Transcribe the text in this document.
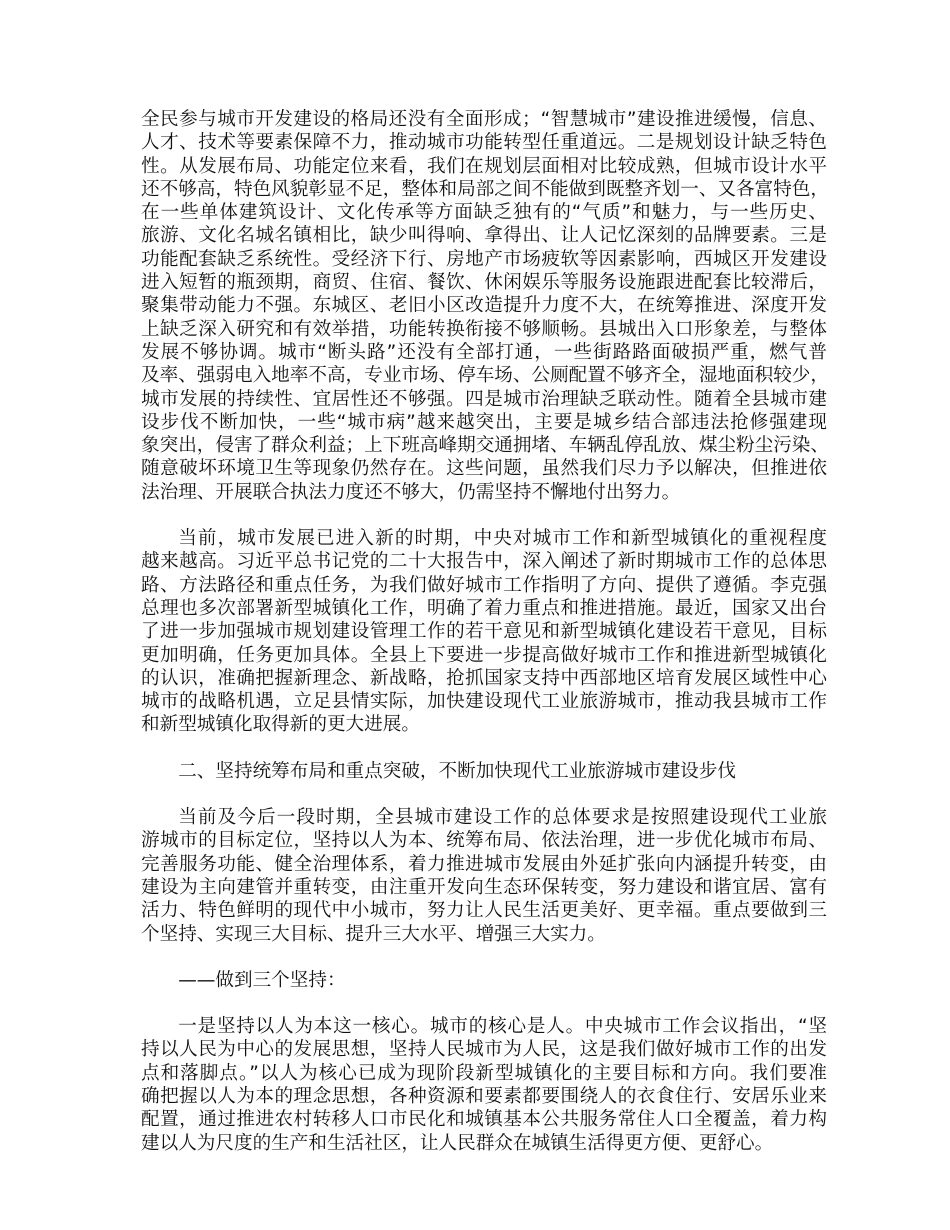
全民参与城市开发建设的格局还没有全面形成；“智慧城市”建设推进缓慢，信息、
人才、技术等要素保障不力，推动城市功能转型任重道远。二是规划设计缺乏特色
性。从发展布局、功能定位来看，我们在规划层面相对比较成熟，但城市设计水平
还不够高，特色风貌彰显不足，整体和局部之间不能做到既整齐划一、又各富特色，
在一些单体建筑设计、文化传承等方面缺乏独有的“气质”和魅力，与一些历史、
旅游、文化名城名镇相比，缺少叫得响、拿得出、让人记忆深刻的品牌要素。三是
功能配套缺乏系统性。受经济下行、房地产市场疲软等因素影响，西城区开发建设
进入短暂的瓶颈期，商贸、住宿、餐饮、休闲娱乐等服务设施跟进配套比较滞后，
聚集带动能力不强。东城区、老旧小区改造提升力度不大，在统筹推进、深度开发
上缺乏深入研究和有效举措，功能转换衔接不够顺畅。县城出入口形象差，与整体
发展不够协调。城市“断头路”还没有全部打通，一些街路路面破损严重，燃气普
及率、强弱电入地率不高，专业市场、停车场、公厕配置不够齐全，湿地面积较少，
城市发展的持续性、宜居性还不够强。四是城市治理缺乏联动性。随着全县城市建
设步伐不断加快，一些“城市病”越来越突出，主要是城乡结合部违法抢修强建现
象突出，侵害了群众利益；上下班高峰期交通拥堵、车辆乱停乱放、煤尘粉尘污染、
随意破坏环境卫生等现象仍然存在。这些问题，虽然我们尽力予以解决，但推进依
法治理、开展联合执法力度还不够大，仍需坚持不懈地付出努力。

当前，城市发展已进入新的时期，中央对城市工作和新型城镇化的重视程度
越来越高。习近平总书记党的二十大报告中，深入阐述了新时期城市工作的总体思
路、方法路径和重点任务，为我们做好城市工作指明了方向、提供了遵循。李克强
总理也多次部署新型城镇化工作，明确了着力重点和推进措施。最近，国家又出台
了进一步加强城市规划建设管理工作的若干意见和新型城镇化建设若干意见，目标
更加明确，任务更加具体。全县上下要进一步提高做好城市工作和推进新型城镇化
的认识，准确把握新理念、新战略，抢抓国家支持中西部地区培育发展区域性中心
城市的战略机遇，立足县情实际，加快建设现代工业旅游城市，推动我县城市工作
和新型城镇化取得新的更大进展。

二、坚持统筹布局和重点突破，不断加快现代工业旅游城市建设步伐

当前及今后一段时期，全县城市建设工作的总体要求是按照建设现代工业旅
游城市的目标定位，坚持以人为本、统筹布局、依法治理，进一步优化城市布局、
完善服务功能、健全治理体系，着力推进城市发展由外延扩张向内涵提升转变，由
建设为主向建管并重转变，由注重开发向生态环保转变，努力建设和谐宜居、富有
活力、特色鲜明的现代中小城市，努力让人民生活更美好、更幸福。重点要做到三
个坚持、实现三大目标、提升三大水平、增强三大实力。

——做到三个坚持：

一是坚持以人为本这一核心。城市的核心是人。中央城市工作会议指出，“坚
持以人民为中心的发展思想，坚持人民城市为人民，这是我们做好城市工作的出发
点和落脚点。”以人为核心已成为现阶段新型城镇化的主要目标和方向。我们要准
确把握以人为本的理念思想，各种资源和要素都要围绕人的衣食住行、安居乐业来
配置，通过推进农村转移人口市民化和城镇基本公共服务常住人口全覆盖，着力构
建以人为尺度的生产和生活社区，让人民群众在城镇生活得更方便、更舒心。
